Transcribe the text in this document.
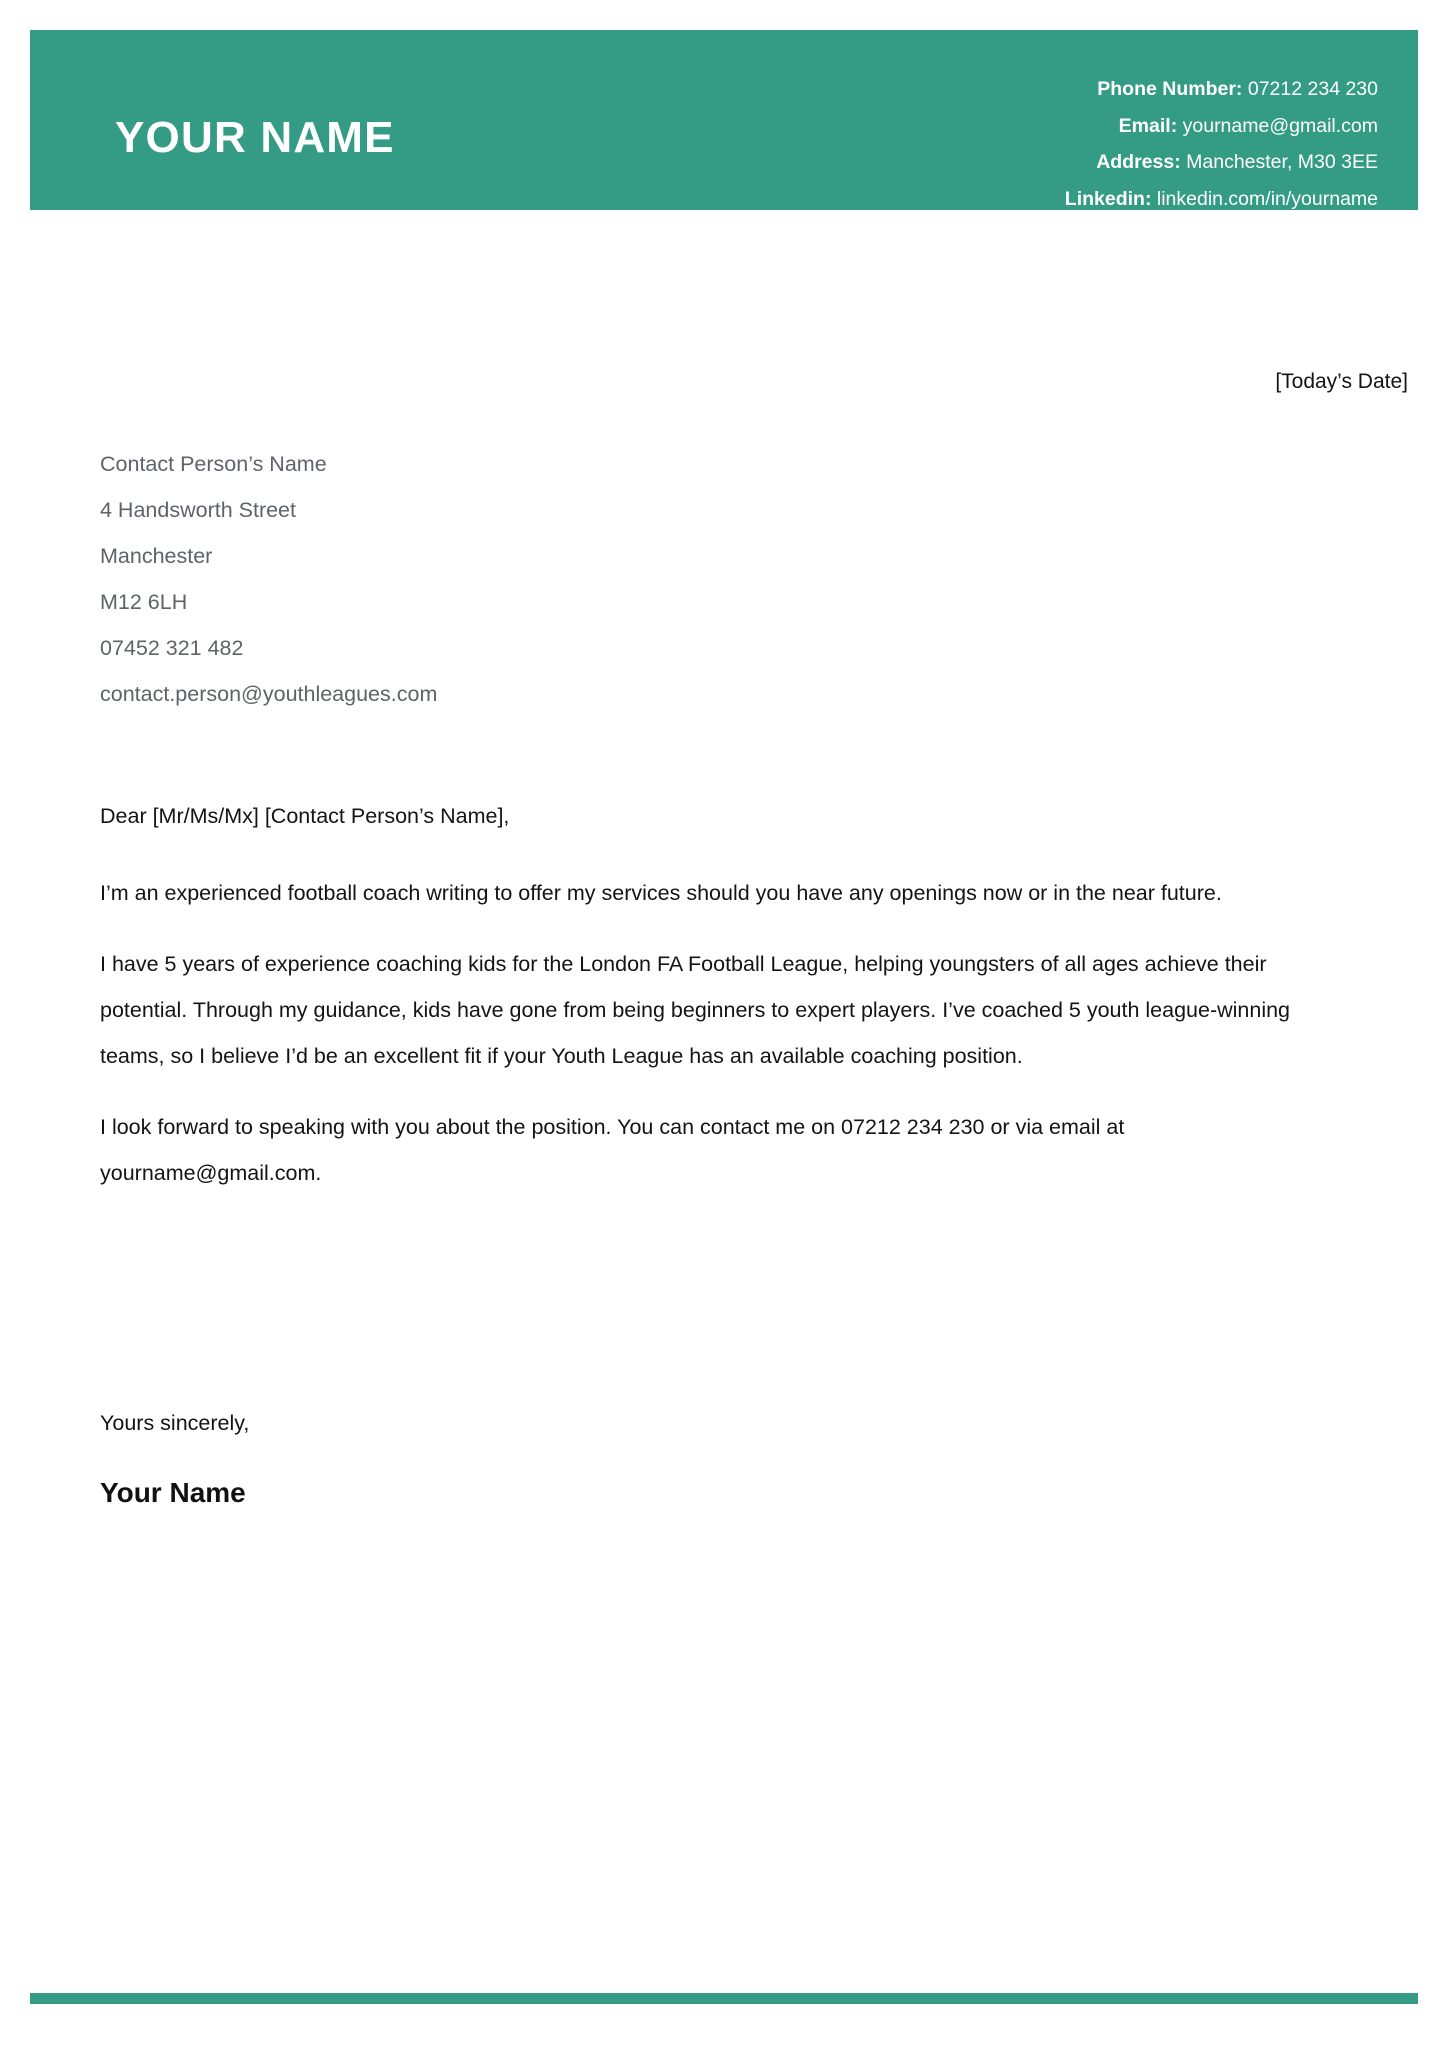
YOUR NAME
Phone Number: 07212 234 230
Email: yourname@gmail.com
Address: Manchester, M30 3EE
Linkedin: linkedin.com/in/yourname
[Today’s Date]
Contact Person’s Name
4 Handsworth Street
Manchester
M12 6LH
07452 321 482
contact.person@youthleagues.com
Dear [Mr/Ms/Mx] [Contact Person’s Name],

I’m an experienced football coach writing to offer my services should you have any openings now or in the near future.

I have 5 years of experience coaching kids for the London FA Football League, helping youngsters of all ages achieve their potential. Through my guidance, kids have gone from being beginners to expert players. I’ve coached 5 youth league-winning teams, so I believe I’d be an excellent fit if your Youth League has an available coaching position.

I look forward to speaking with you about the position. You can contact me on 07212 234 230 or via email at yourname@gmail.com.

Yours sincerely,
Your Name
